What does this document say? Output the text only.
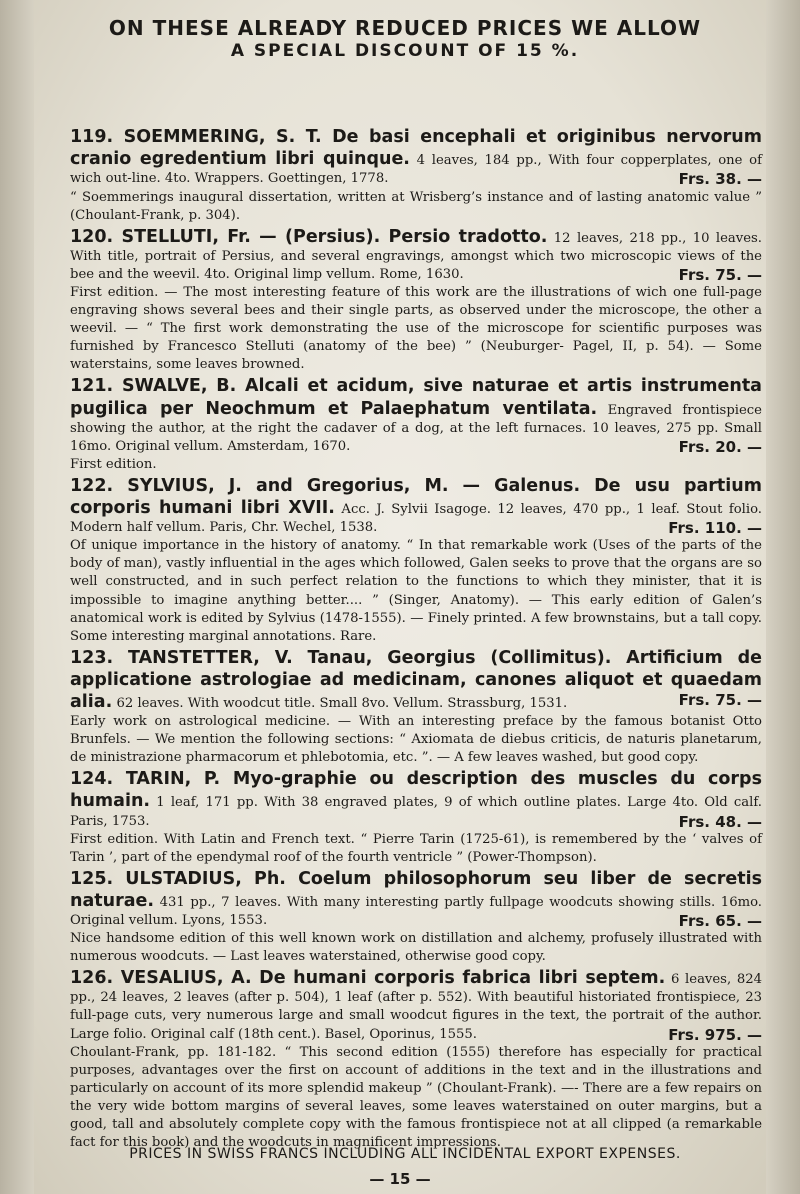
ON THESE ALREADY REDUCED PRICES WE ALLOW
A SPECIAL DISCOUNT OF 15 %.

119. SOEMMERING, S. T. De basi encephali et originibus nervorum cranio egredentium libri quinque. 4 leaves, 184 pp., With four copperplates, one of wich out-line. 4to. Wrappers. Goettingen, 1778.	Frs. 38. —

“ Soemmerings inaugural dissertation, written at Wrisberg’s instance and of lasting anatomic value ” (Choulant-Frank, p. 304).

120. STELLUTI, Fr. — (Persius). Persio tradotto. 12 leaves, 218 pp., 10 leaves. With title, portrait of Persius, and several engravings, amongst which two microscopic views of the bee and the weevil. 4to. Original limp vellum. Rome, 1630.	Frs. 75. —

First edition. — The most interesting feature of this work are the illustrations of wich one full-page engraving shows several bees and their single parts, as observed under the microscope, the other a weevil. — “ The first work demonstrating the use of the microscope for scientific purposes was furnished by Francesco Stelluti (anatomy of the bee) ” (Neuburger- Pagel, II, p. 54). — Some waterstains, some leaves browned.

121. SWALVE, B. Alcali et acidum, sive naturae et artis instrumenta pugilica per Neochmum et Palaephatum ventilata. Engraved frontispiece showing the author, at the right the cadaver of a dog, at the left furnaces. 10 leaves, 275 pp. Small 16mo. Original vellum. Amsterdam, 1670.	Frs. 20. —

First edition.

122. SYLVIUS, J. and Gregorius, M. — Galenus. De usu partium corporis humani libri XVII. Acc. J. Sylvii Isagoge. 12 leaves, 470 pp., 1 leaf. Stout folio. Modern half vellum. Paris, Chr. Wechel, 1538.	Frs. 110. —

Of unique importance in the history of anatomy. “ In that remarkable work (Uses of the parts of the body of man), vastly influential in the ages which followed, Galen seeks to prove that the organs are so well constructed, and in such perfect relation to the functions to which they minister, that it is impossible to imagine anything better.... ” (Singer, Anatomy). — This early edition of Galen’s anatomical work is edited by Sylvius (1478-1555). — Finely printed. A few brownstains, but a tall copy. Some interesting marginal annotations. Rare.

123. TANSTETTER, V. Tanau, Georgius (Collimitus). Artificium de applicatione astrologiae ad medicinam, canones aliquot et quaedam alia. 62 leaves. With woodcut title. Small 8vo. Vellum. Strassburg, 1531.	Frs. 75. —

Early work on astrological medicine. — With an interesting preface by the famous botanist Otto Brunfels. — We mention the following sections: “ Axiomata de diebus criticis, de naturis planetarum, de ministrazione pharmacorum et phlebotomia, etc. ”. — A few leaves washed, but good copy.

124. TARIN, P. Myo-graphie ou description des muscles du corps humain. 1 leaf, 171 pp. With 38 engraved plates, 9 of which outline plates. Large 4to. Old calf. Paris, 1753.	Frs. 48. —

First edition. With Latin and French text. “ Pierre Tarin (1725-61), is remembered by the ‘ valves of Tarin ’, part of the ependymal roof of the fourth ventricle ” (Power-Thompson).

125. ULSTADIUS, Ph. Coelum philosophorum seu liber de secretis naturae. 431 pp., 7 leaves. With many interesting partly fullpage woodcuts showing stills. 16mo. Original vellum. Lyons, 1553.	Frs. 65. —

Nice handsome edition of this well known work on distillation and alchemy, profusely illustrated with numerous woodcuts. — Last leaves waterstained, otherwise good copy.

126. VESALIUS, A. De humani corporis fabrica libri septem. 6 leaves, 824 pp., 24 leaves, 2 leaves (after p. 504), 1 leaf (after p. 552). With beautiful historiated frontispiece, 23 full-page cuts, very numerous large and small woodcut figures in the text, the portrait of the author. Large folio. Original calf (18th cent.). Basel, Oporinus, 1555.	Frs. 975. —

Choulant-Frank, pp. 181-182. “ This second edition (1555) therefore has especially for practical purposes, advantages over the first on account of additions in the text and in the illustrations and particularly on account of its more splendid makeup ” (Choulant-Frank). —- There are a few repairs on the very wide bottom margins of several leaves, some leaves waterstained on outer margins, but a good, tall and absolutely complete copy with the famous frontispiece not at all clipped (a remarkable fact for this book) and the woodcuts in magnificent impressions.

PRICES IN SWISS FRANCS INCLUDING ALL INCIDENTAL EXPORT EXPENSES.
— 15 —
